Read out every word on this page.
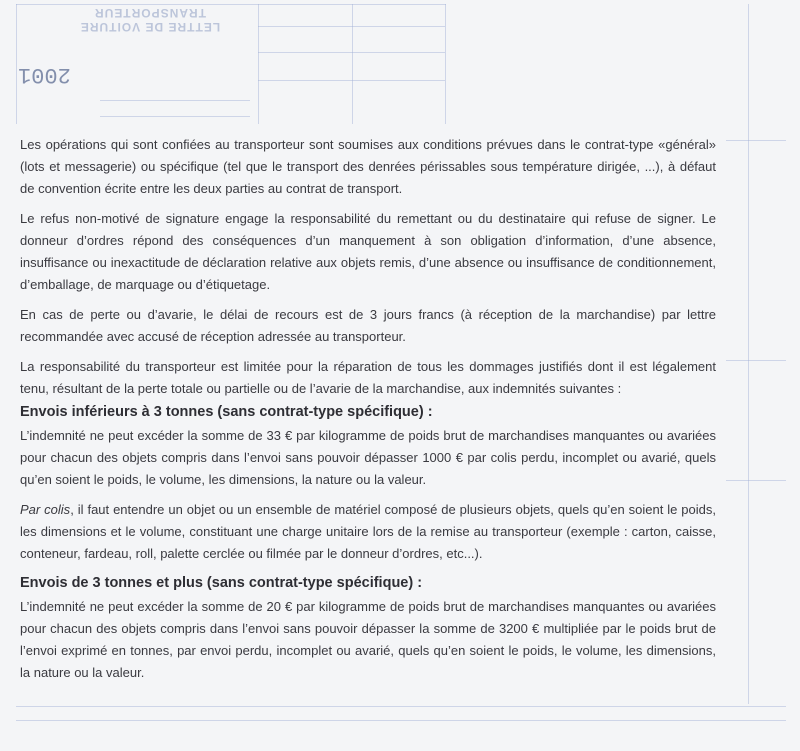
LETTRE DE VOITURE TRANSPORTEUR
2001

Les opérations qui sont confiées au transporteur sont soumises aux conditions prévues dans le contrat-type «général» (lots et messagerie) ou spécifique (tel que le transport des denrées périssables sous température dirigée, ...), à défaut de convention écrite entre les deux parties au contrat de transport.

Le refus non-motivé de signature engage la responsabilité du remettant ou du destinataire qui refuse de signer. Le donneur d’ordres répond des conséquences d’un manquement à son obligation d’information, d’une absence, insuffisance ou inexactitude de déclaration relative aux objets remis, d’une absence ou insuffisance de conditionnement, d’emballage, de marquage ou d’étiquetage.

En cas de perte ou d’avarie, le délai de recours est de 3 jours francs (à réception de la marchandise) par lettre recommandée avec accusé de réception adressée au transporteur.

La responsabilité du transporteur est limitée pour la réparation de tous les dommages justifiés dont il est légalement tenu, résultant de la perte totale ou partielle ou de l’avarie de la marchandise, aux indemnités suivantes :

Envois inférieurs à 3 tonnes (sans contrat-type spécifique) :

L’indemnité ne peut excéder la somme de 33 € par kilogramme de poids brut de marchandises manquantes ou avariées pour chacun des objets compris dans l’envoi sans pouvoir dépasser 1000 € par colis perdu, incomplet ou avarié, quels qu’en soient le poids, le volume, les dimensions, la nature ou la valeur.

Par colis, il faut entendre un objet ou un ensemble de matériel composé de plusieurs objets, quels qu’en soient le poids, les dimensions et le volume, constituant une charge unitaire lors de la remise au transporteur (exemple : carton, caisse, conteneur, fardeau, roll, palette cerclée ou filmée par le donneur d’ordres, etc...).

Envois de 3 tonnes et plus (sans contrat-type spécifique) :

L’indemnité ne peut excéder la somme de 20 € par kilogramme de poids brut de marchandises manquantes ou avariées pour chacun des objets compris dans l’envoi sans pouvoir dépasser la somme de 3200 € multipliée par le poids brut de l’envoi exprimé en tonnes, par envoi perdu, incomplet ou avarié, quels qu’en soient le poids, le volume, les dimensions, la nature ou la valeur.
